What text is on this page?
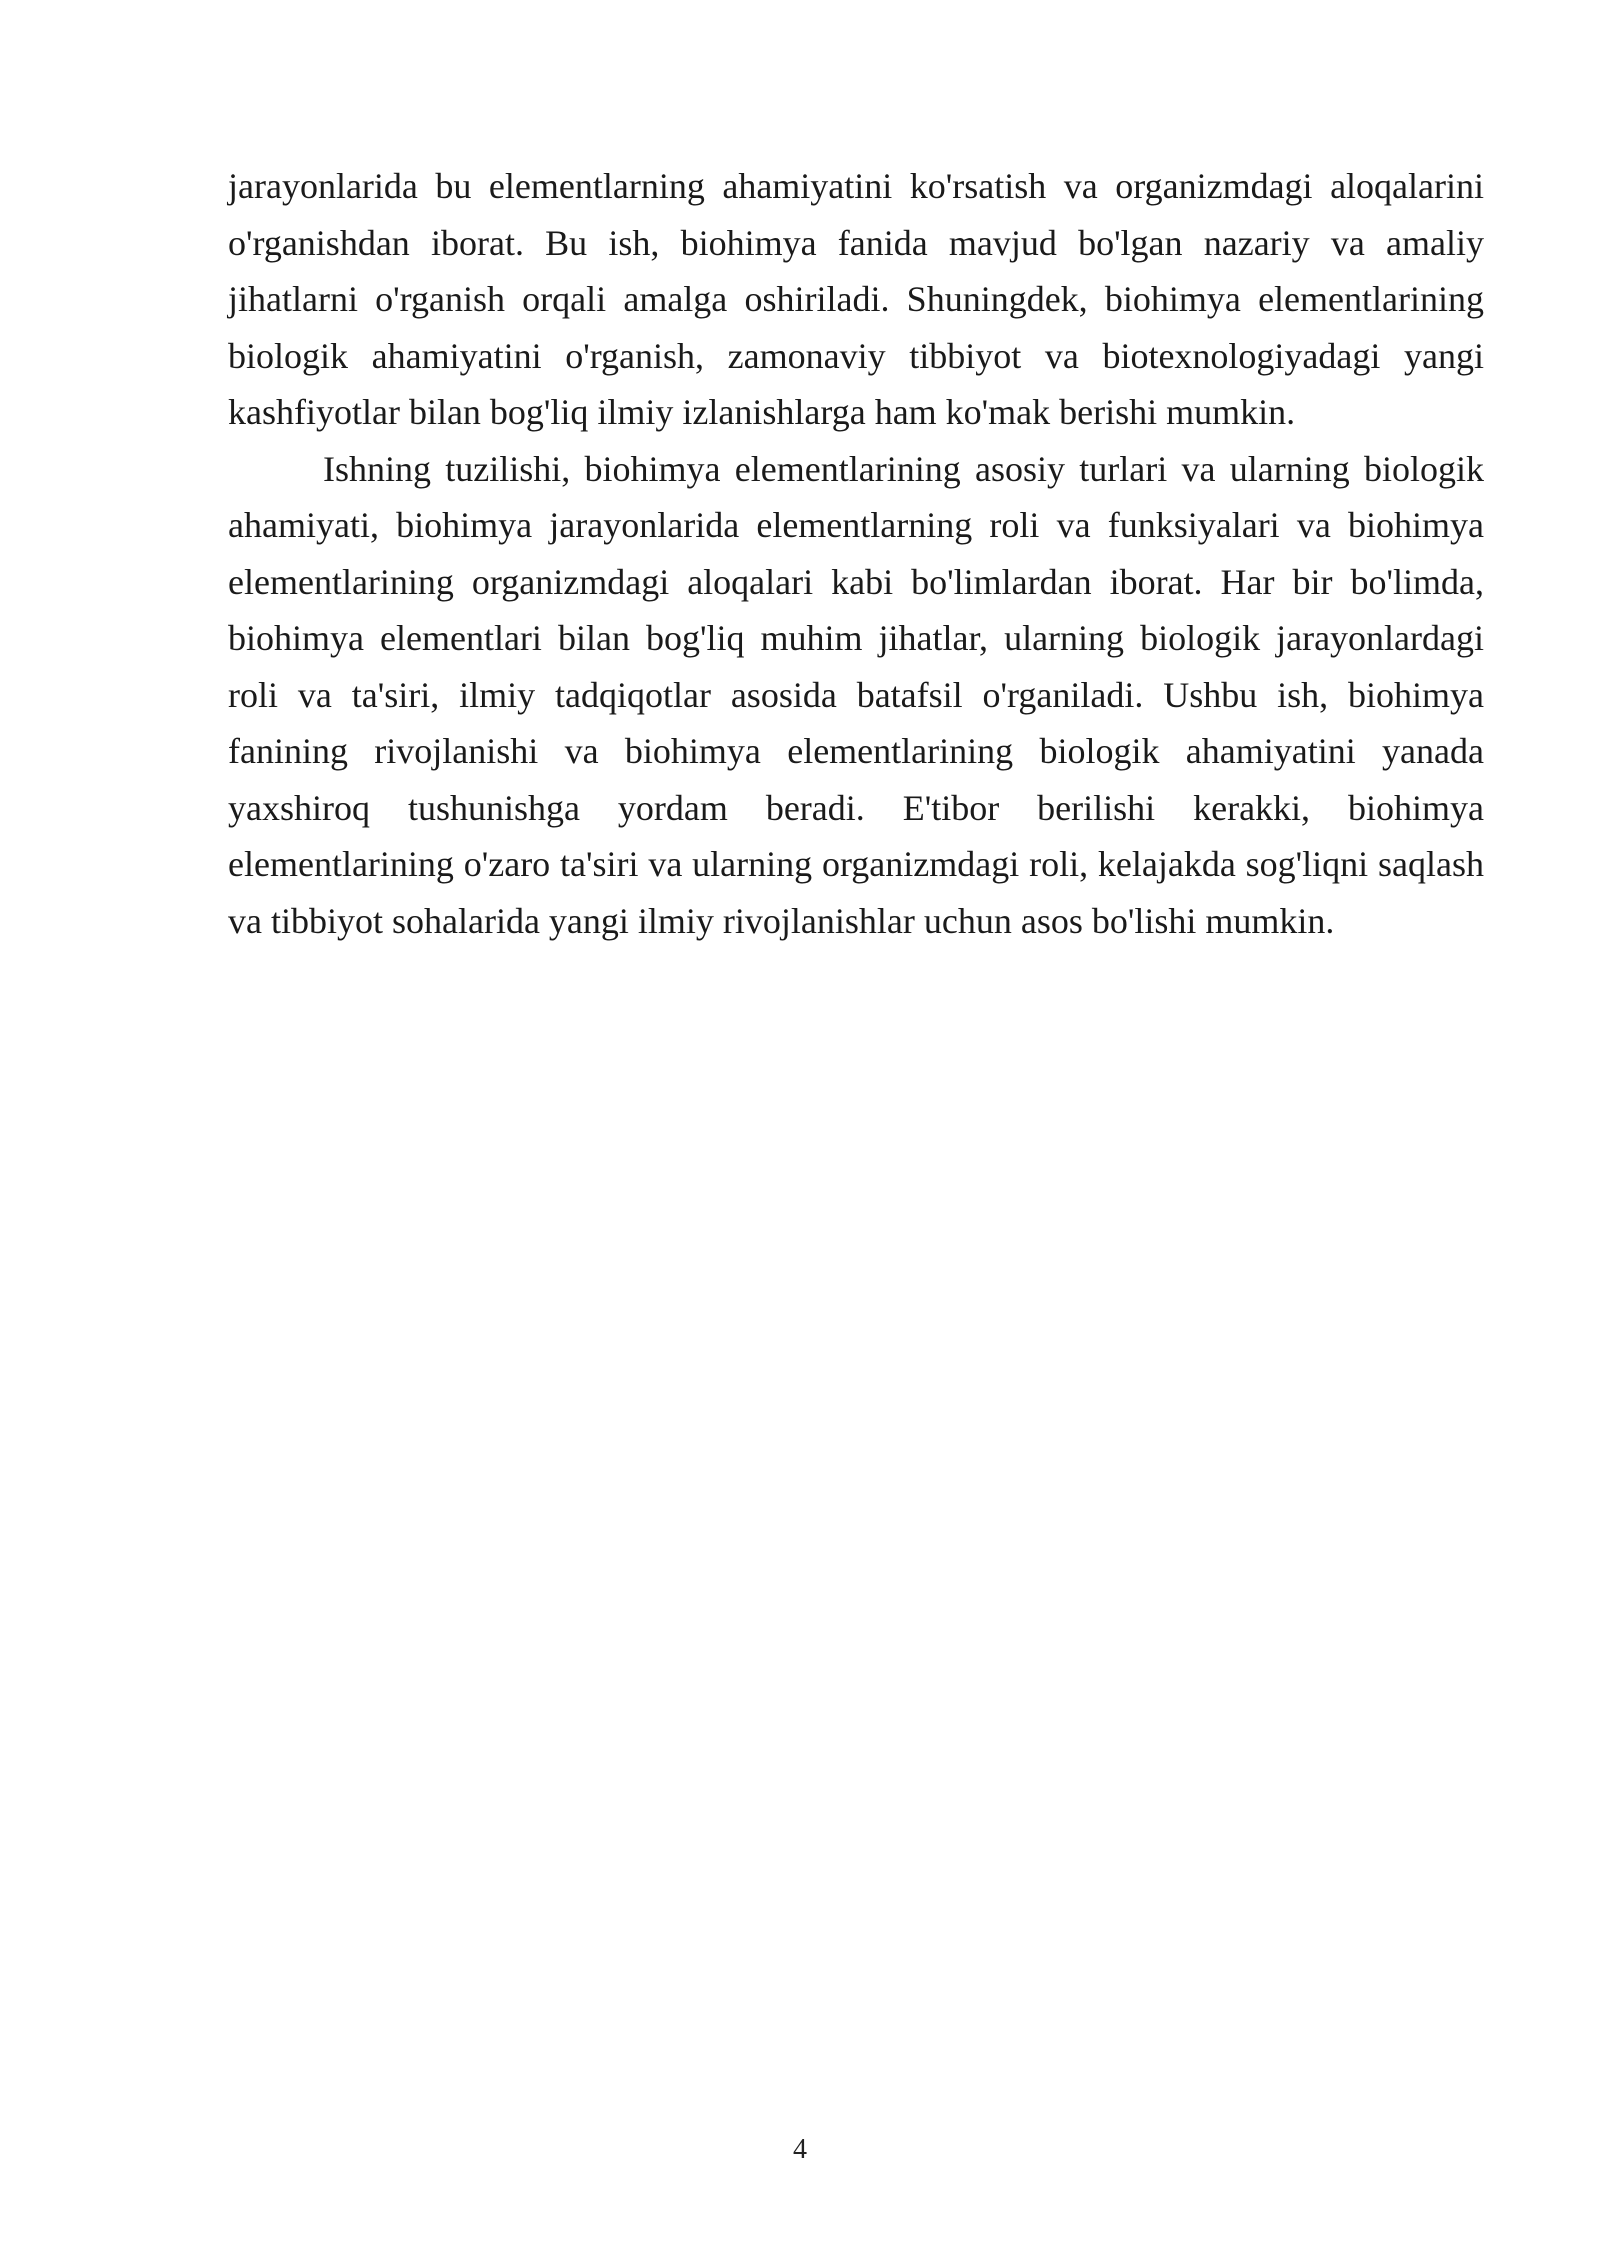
jarayonlarida bu elementlarning ahamiyatini ko'rsatish va organizmdagi aloqalarini o'rganishdan iborat. Bu ish, biohimya fanida mavjud bo'lgan nazariy va amaliy jihatlarni o'rganish orqali amalga oshiriladi. Shuningdek, biohimya elementlarining biologik ahamiyatini o'rganish, zamonaviy tibbiyot va biotexnologiyadagi yangi kashfiyotlar bilan bog'liq ilmiy izlanishlarga ham ko'mak berishi mumkin.

Ishning tuzilishi, biohimya elementlarining asosiy turlari va ularning biologik ahamiyati, biohimya jarayonlarida elementlarning roli va funksiyalari va biohimya elementlarining organizmdagi aloqalari kabi bo'limlardan iborat. Har bir bo'limda, biohimya elementlari bilan bog'liq muhim jihatlar, ularning biologik jarayonlardagi roli va ta'siri, ilmiy tadqiqotlar asosida batafsil o'rganiladi. Ushbu ish, biohimya fanining rivojlanishi va biohimya elementlarining biologik ahamiyatini yanada yaxshiroq tushunishga yordam beradi. E'tibor berilishi kerakki, biohimya elementlarining o'zaro ta'siri va ularning organizmdagi roli, kelajakda sog'liqni saqlash va tibbiyot sohalarida yangi ilmiy rivojlanishlar uchun asos bo'lishi mumkin.

4
